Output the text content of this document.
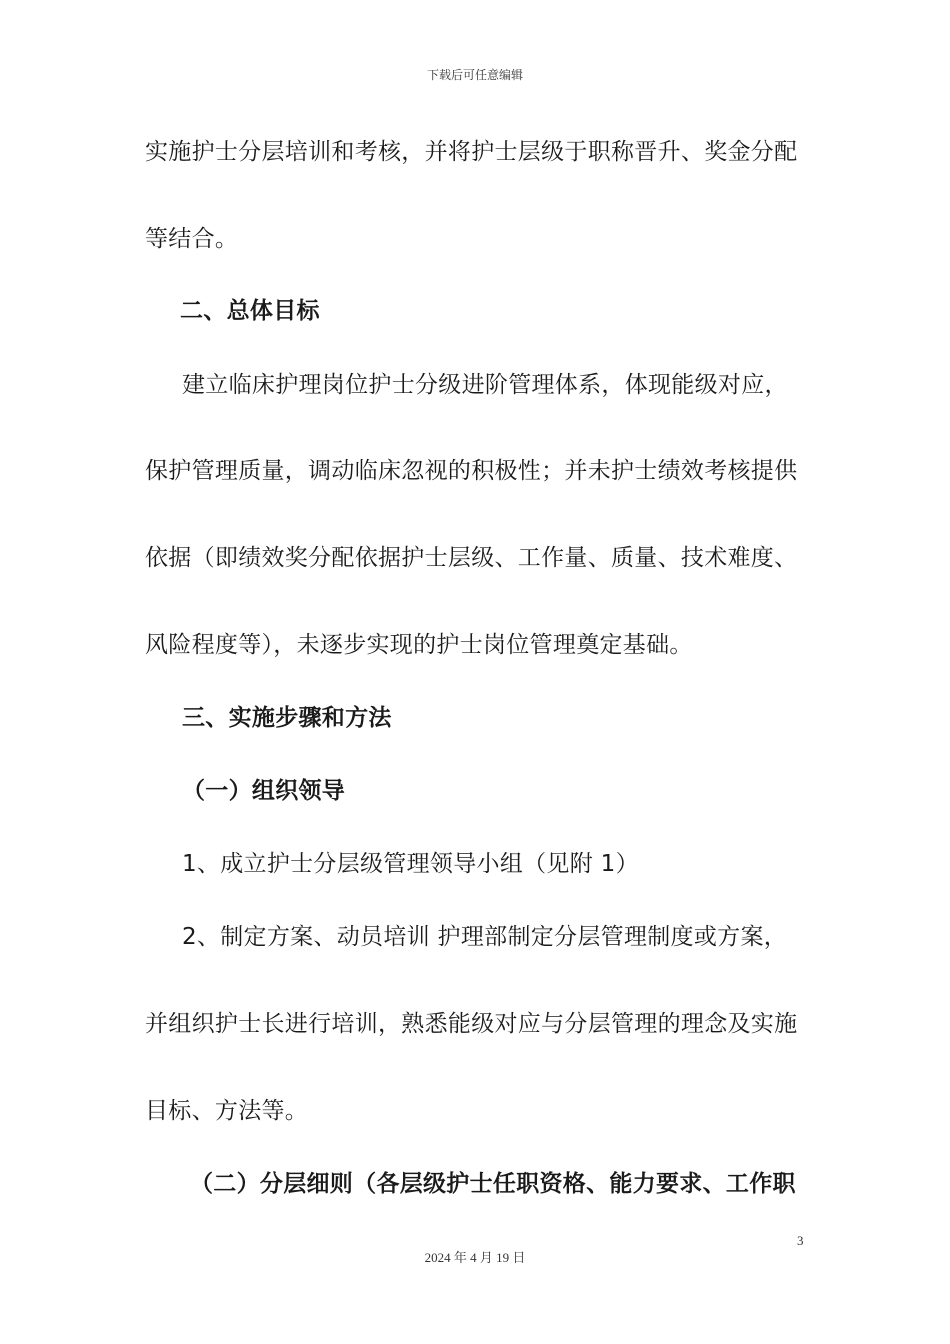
下载后可任意编辑
实施护士分层培训和考核，并将护士层级于职称晋升、奖金分配
等结合。
二、总体目标
建立临床护理岗位护士分级进阶管理体系，体现能级对应，
保护管理质量，调动临床忽视的积极性；并未护士绩效考核提供
依据（即绩效奖分配依据护士层级、工作量、质量、技术难度、
风险程度等），未逐步实现的护士岗位管理奠定基础。
三、实施步骤和方法
（一）组织领导
1、成立护士分层级管理领导小组（见附 1）
2、制定方案、动员培训 护理部制定分层管理制度或方案，
并组织护士长进行培训，熟悉能级对应与分层管理的理念及实施
目标、方法等。
（二）分层细则（各层级护士任职资格、能力要求、工作职
3
2024 年 4 月 19 日
